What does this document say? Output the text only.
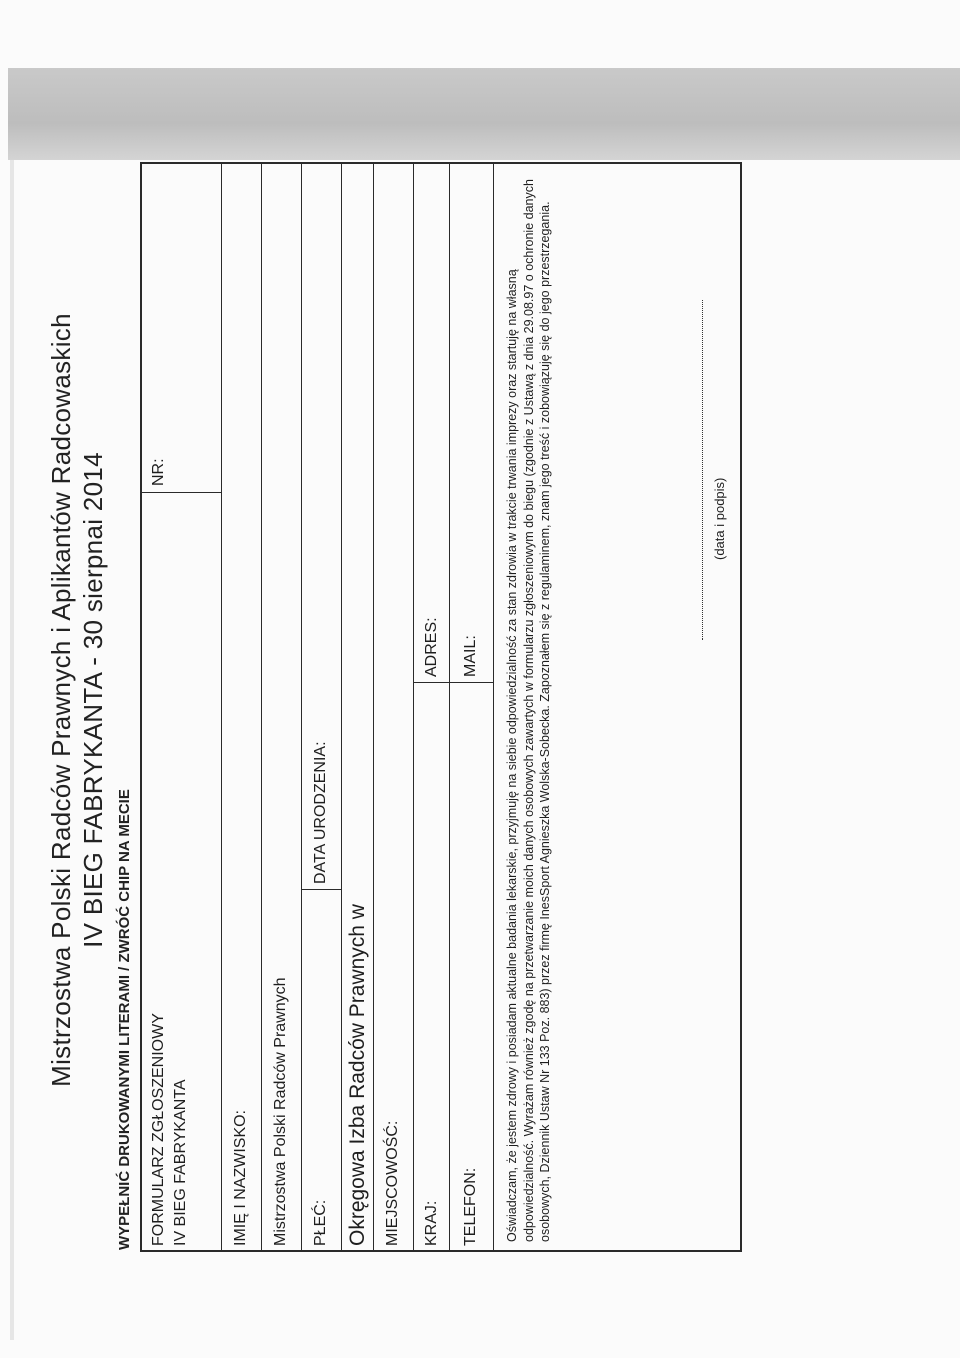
Mistrzostwa Polski Radców Prawnych i Aplikantów Radcowaskich IV BIEG FABRYKANTA - 30 sierpnai 2014
WYPEŁNIĆ DRUKOWANYMI LITERAMI / ZWRÓĆ CHIP NA MECIE FORMULARZ ZGŁOSZENIOWY IV BIEG FABRYKANTA
NR:
IMIĘ I NAZWISKO: Mistrzostwa Polski Radców Prawnych PŁEĆ:
DATA URODZENIA:
Okręgowa Izba Radców Prawnych w MIEJSCOWOŚĆ: KRAJ:
ADRES:
TELEFON:
MAIL: Oświadczam, że jestem zdrowy i posiadam aktualne badania lekarskie, przyjmuję na siebie odpowiedzialność za stan zdrowia w trakcie trwania imprezy oraz startuję na własną odpowiedzialność. Wyrażam również zgodę na przetwarzanie moich danych osobowych zawartych w formularzu zgłoszeniowym do biegu (zgodnie z Ustawą z dnia 29.08.97 o ochronie danych osobowych, Dziennik Ustaw Nr 133 Poz. 883) przez firmę InesSport Agnieszka Wolska-Sobecka. Zapoznałem się z regulaminem, znam jego treść i zobowiązuję się do jego przestrzegania.	(data i podpis)
